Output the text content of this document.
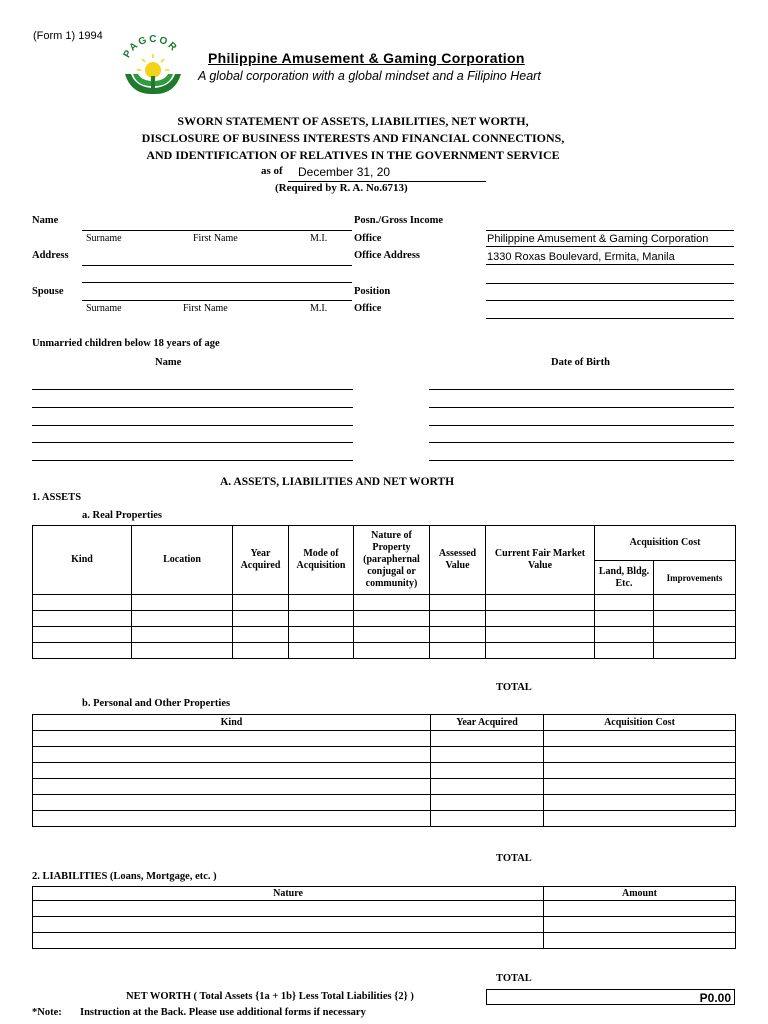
(Form 1) 1994
PAGCOR
Philippine Amusement & Gaming Corporation
A global corporation with a global mindset and a Filipino Heart
SWORN STATEMENT OF ASSETS, LIABILITIES, NET WORTH,
DISCLOSURE OF BUSINESS INTERESTS AND FINANCIAL CONNECTIONS,
AND IDENTIFICATION OF RELATIVES IN THE GOVERNMENT SERVICE
as of	December 31, 20
(Required by R. A. No.6713)
Name
Surname	First Name	M.I.
Address
Spouse
Surname	First Name	M.I.
Posn./Gross Income
Office	Philippine Amusement & Gaming Corporation
Office Address	1330 Roxas Boulevard, Ermita, Manila
Position
Office
Unmarried children below 18 years of age
Name	Date of Birth
A. ASSETS, LIABILITIES AND NET WORTH
1. ASSETS
a. Real Properties
Kind	Location	Year Acquired	Mode of Acquisition	Nature of Property (paraphernal conjugal or community)	Assessed Value	Current Fair Market Value	Acquisition Cost	
							Land, Bldg. Etc.	Improvements

TOTAL
b. Personal and Other Properties
Kind	Year Acquired	Acquisition Cost

TOTAL
2. LIABILITIES (Loans, Mortgage, etc. )
Nature	Amount

TOTAL
NET WORTH ( Total Assets {1a + 1b} Less Total Liabilities {2} )	P0.00
*Note: Instruction at the Back. Please use additional forms if necessary
